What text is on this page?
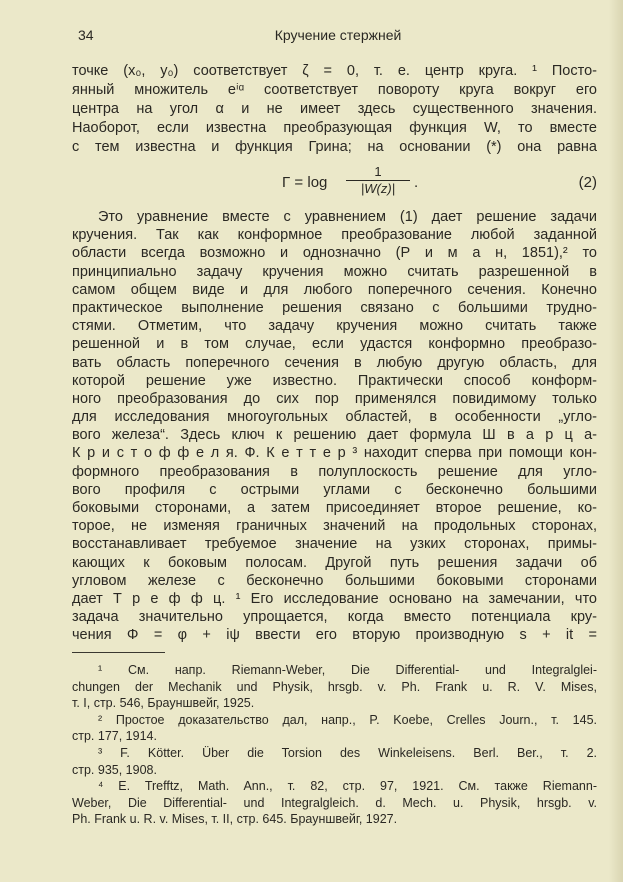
34	Кручение стержней
точке (x₀, y₀) соответствует ζ = 0, т. е. центр круга. ¹ Посто-
янный множитель eⁱᵅ соответствует повороту круга вокруг его
центра на угол α и не имеет здесь существенного значения.
Наоборот, если известна преобразующая функция W, то вместе
с тем известна и функция Грина; на основании (*) она равна
$\Gamma = \log \frac{1}{|W(z)|}$ .	(2)
Это уравнение вместе с уравнением (1) дает решение задачи
кручения. Так как конформное преобразование любой заданной
области всегда возможно и однозначно (Р и м а н, 1851),² то
принципиально задачу кручения можно считать разрешенной в
самом общем виде и для любого поперечного сечения. Конечно
практическое выполнение решения связано с большими трудно-
стями. Отметим, что задачу кручения можно считать также
решенной и в том случае, если удастся конформно преобразо-
вать область поперечного сечения в любую другую область, для
которой решение уже известно. Практически способ конформ-
ного преобразования до сих пор применялся повидимому только
для исследования многоугольных областей, в особенности „угло-
вого железа“. Здесь ключ к решению дает формула Ш в а р ц а-
К р и с т о ф ф е л я. Ф. К е т т е р ³ находит сперва при помощи кон-
формного преобразования в полуплоскость решение для угло-
вого профиля с острыми углами с бесконечно большими
боковыми сторонами, а затем присоединяет второе решение, ко-
торое, не изменяя граничных значений на продольных сторонах,
восстанавливает требуемое значение на узких сторонах, примы-
кающих к боковым полосам. Другой путь решения задачи об
угловом железе с бесконечно большими боковыми сторонами
дает Т р е ф ф ц. ¹ Его исследование основано на замечании, что
задача значительно упрощается, когда вместо потенциала кру-
чения Φ = φ + iψ ввести его вторую производную s + it =
¹ См. напр. Riemann-Weber, Die Differential- und Integralglei-
chungen der Mechanik und Physik, hrsgb. v. Ph. Frank u. R. V. Mises,
т. I, стр. 546, Брауншвейг, 1925.
² Простое доказательство дал, напр., P. Koebe, Crelles Journ., т. 145.
стр. 177, 1914.
³ F. Kötter. Über die Torsion des Winkeleisens. Berl. Ber., т. 2.
стр. 935, 1908.
⁴ E. Trefftz, Math. Ann., т. 82, стр. 97, 1921. См. также Riemann-
Weber, Die Differential- und Integralgleich. d. Mech. u. Physik, hrsgb. v.
Ph. Frank u. R. v. Mises, т. II, стр. 645. Брауншвейг, 1927.
